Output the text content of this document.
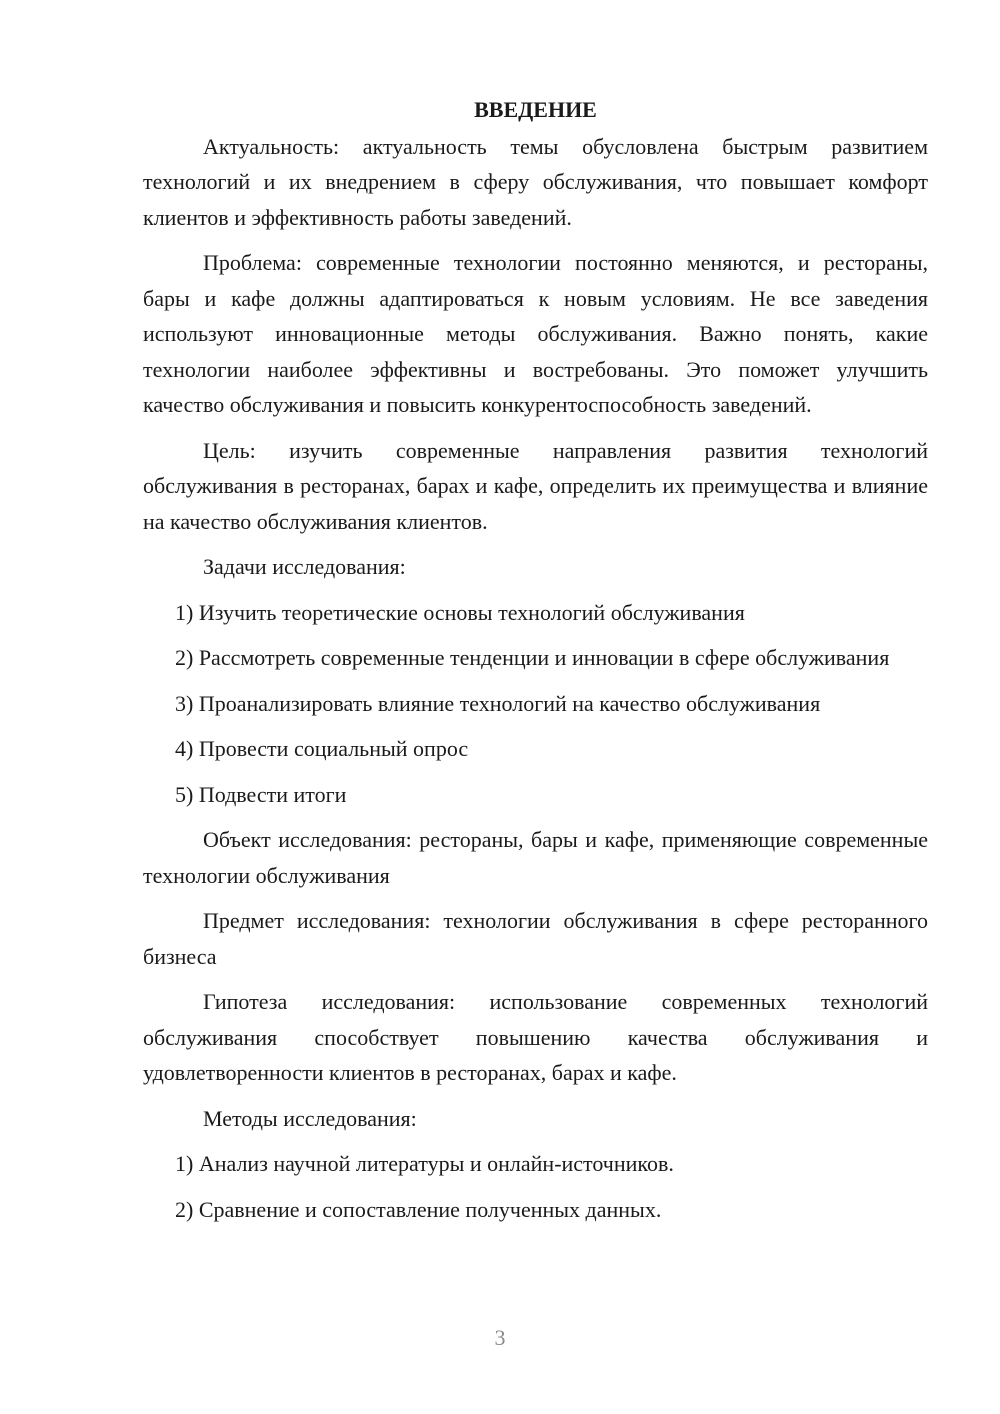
ВВЕДЕНИЕ

Актуальность: актуальность темы обусловлена быстрым развитием технологий и их внедрением в сферу обслуживания, что повышает комфорт клиентов и эффективность работы заведений.

Проблема: современные технологии постоянно меняются, и рестораны, бары и кафе должны адаптироваться к новым условиям. Не все заведения используют инновационные методы обслуживания. Важно понять, какие технологии наиболее эффективны и востребованы. Это поможет улучшить качество обслуживания и повысить конкурентоспособность заведений.

Цель: изучить современные направления развития технологий обслуживания в ресторанах, барах и кафе, определить их преимущества и влияние на качество обслуживания клиентов.

Задачи исследования:

1) Изучить теоретические основы технологий обслуживания

2) Рассмотреть современные тенденции и инновации в сфере обслуживания

3) Проанализировать влияние технологий на качество обслуживания

4) Провести социальный опрос

5) Подвести итоги

Объект исследования: рестораны, бары и кафе, применяющие современные технологии обслуживания

Предмет исследования: технологии обслуживания в сфере ресторанного бизнеса

Гипотеза исследования: использование современных технологий обслуживания способствует повышению качества обслуживания и удовлетворенности клиентов в ресторанах, барах и кафе.

Методы исследования:

1) Анализ научной литературы и онлайн-источников.

2) Сравнение и сопоставление полученных данных.

3
